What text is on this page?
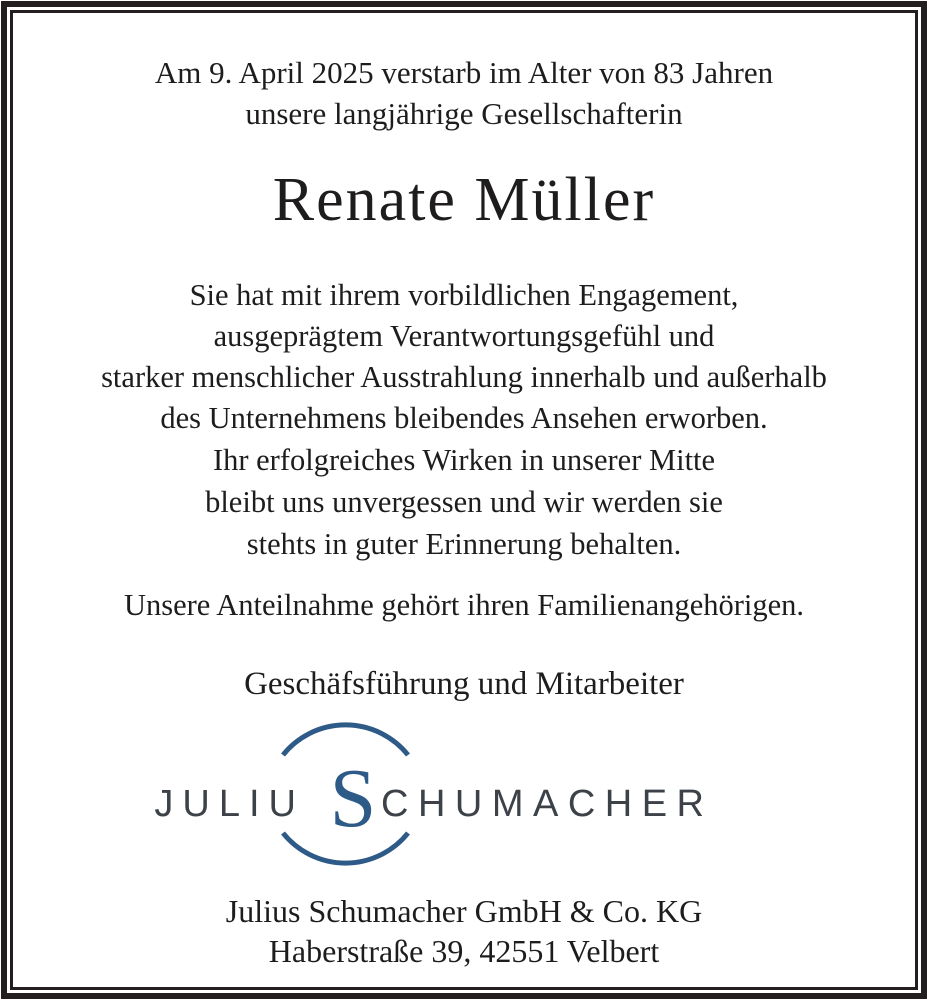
Am 9. April 2025 verstarb im Alter von 83 Jahren
unsere langjährige Gesellschafterin
Renate Müller
Sie hat mit ihrem vorbildlichen Engagement,
ausgeprägtem Verantwortungsgefühl und
starker menschlicher Ausstrahlung innerhalb und außerhalb
des Unternehmens bleibendes Ansehen erworben.
Ihr erfolgreiches Wirken in unserer Mitte
bleibt uns unvergessen und wir werden sie
stehts in guter Erinnerung behalten.
Unsere Anteilnahme gehört ihren Familienangehörigen.
Geschäfsführung und Mitarbeiter
JULIU S CHUMACHER
Julius Schumacher GmbH & Co. KG
Haberstraße 39, 42551 Velbert
